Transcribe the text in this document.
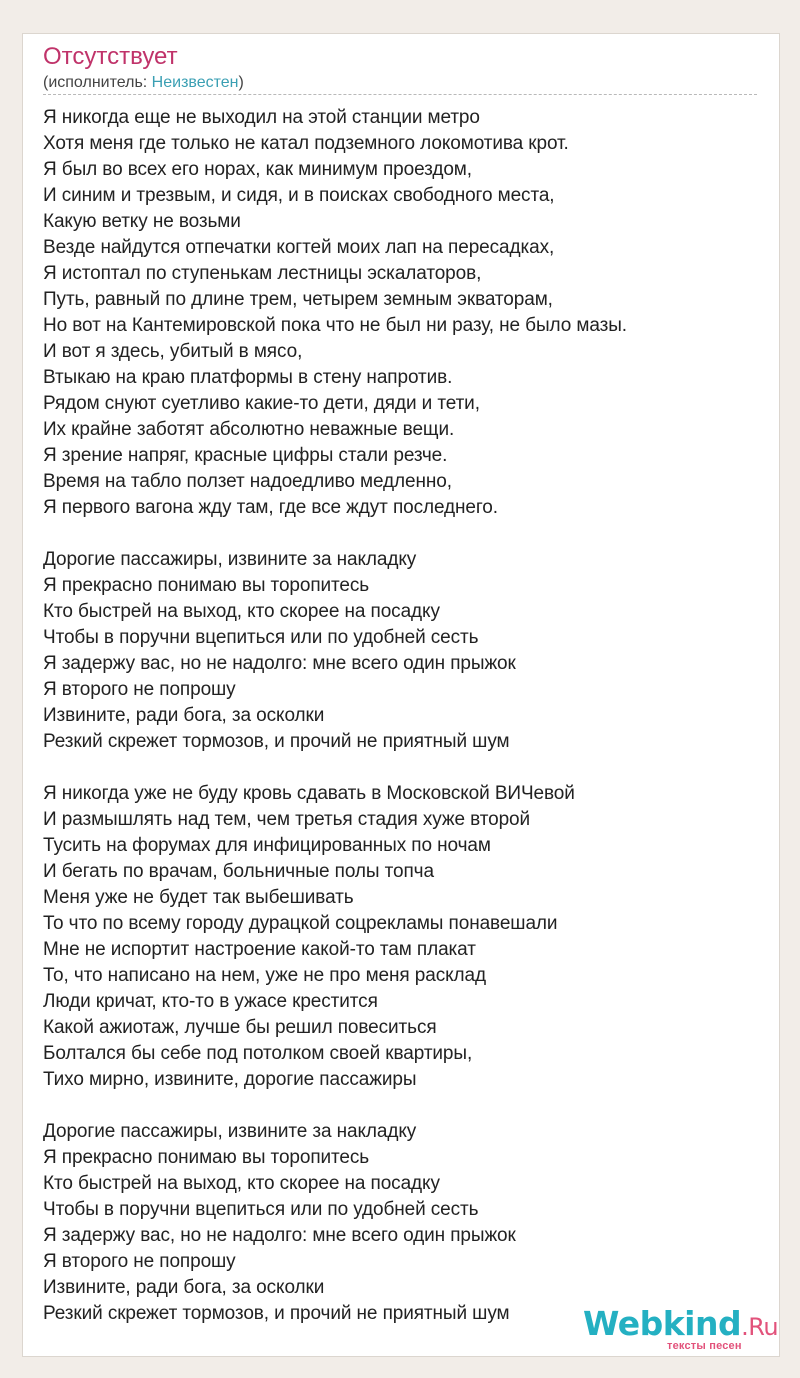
Отсутствует
(исполнитель: Неизвестен)
Я никогда еще не выходил на этой станции метро
Хотя меня где только не катал подземного локомотива крот.
Я был во всех его норах, как минимум проездом,
И синим и трезвым, и сидя, и в поисках свободного места,
Какую ветку не возьми
Везде найдутся отпечатки когтей моих лап на пересадках,
Я истоптал по ступенькам лестницы эскалаторов,
Путь, равный по длине трем, четырем земным экваторам,
Но вот на Кантемировской пока что не был ни разу, не было мазы.
И вот я здесь, убитый в мясо,
Втыкаю на краю платформы в стену напротив.
Рядом снуют суетливо какие-то дети, дяди и тети,
Их крайне заботят абсолютно неважные вещи.
Я зрение напряг, красные цифры стали резче.
Время на табло ползет надоедливо медленно,
Я первого вагона жду там, где все ждут последнего.
Дорогие пассажиры, извините за накладку
Я прекрасно понимаю вы торопитесь
Кто быстрей на выход, кто скорее на посадку
Чтобы в поручни вцепиться или по удобней сесть
Я задержу вас, но не надолго: мне всего один прыжок
Я второго не попрошу
Извините, ради бога, за осколки
Резкий скрежет тормозов, и прочий не приятный шум
Я никогда уже не буду кровь сдавать в Московской ВИЧевой
И размышлять над тем, чем третья стадия хуже второй
Тусить на форумах для инфицированных по ночам
И бегать по врачам, больничные полы топча
Меня уже не будет так выбешивать
То что по всему городу дурацкой соцрекламы понавешали
Мне не испортит настроение какой-то там плакат
То, что написано на нем, уже не про меня расклад
Люди кричат, кто-то в ужасе крестится
Какой ажиотаж, лучше бы решил повеситься
Болтался бы себе под потолком своей квартиры,
Тихо мирно, извините, дорогие пассажиры
Дорогие пассажиры, извините за накладку
Я прекрасно понимаю вы торопитесь
Кто быстрей на выход, кто скорее на посадку
Чтобы в поручни вцепиться или по удобней сесть
Я задержу вас, но не надолго: мне всего один прыжок
Я второго не попрошу
Извините, ради бога, за осколки
Резкий скрежет тормозов, и прочий не приятный шум	Webkind.Ru
тексты песен
